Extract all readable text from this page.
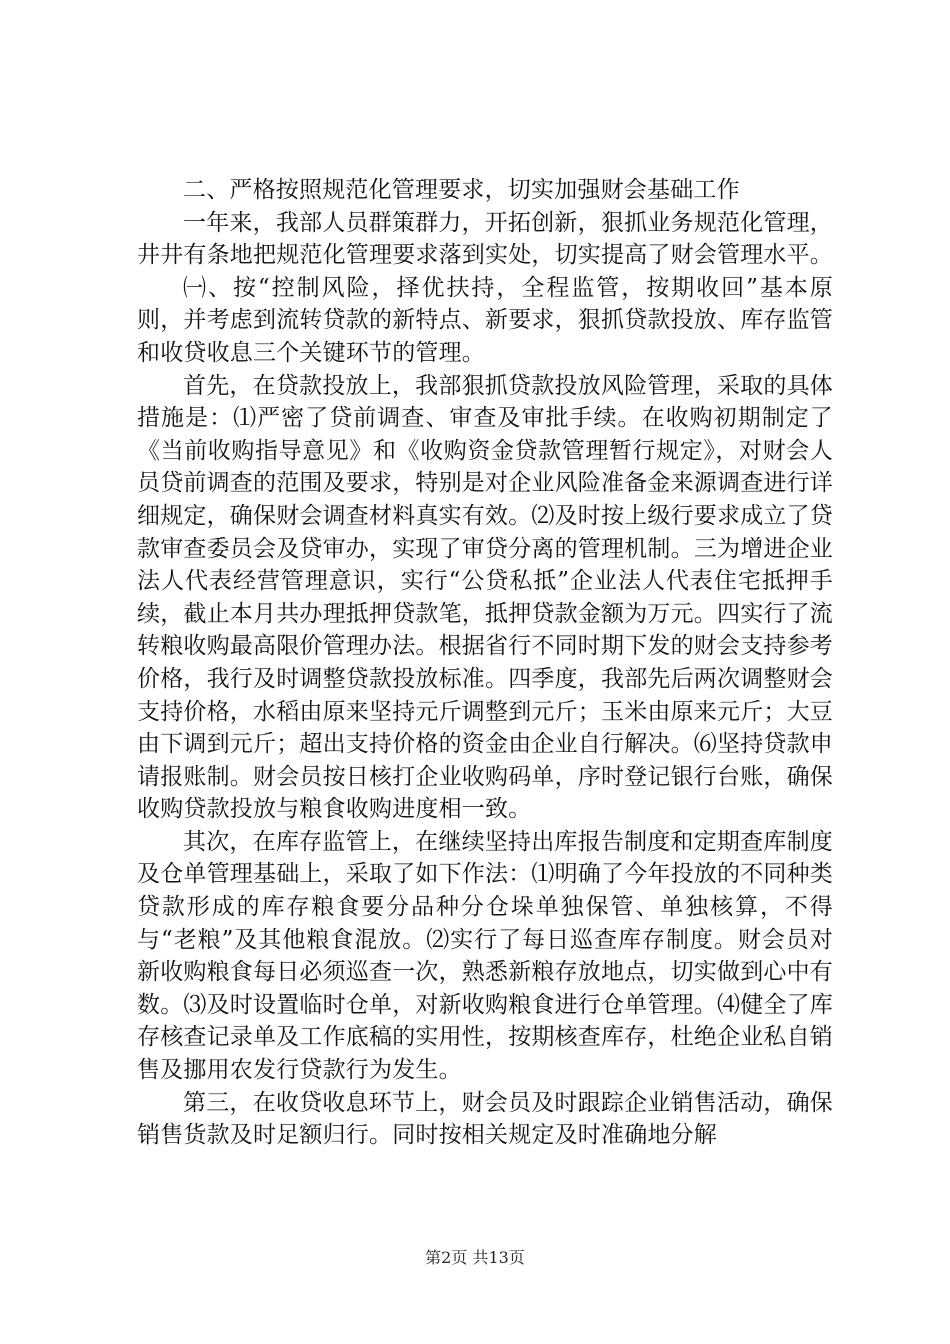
二、严格按照规范化管理要求，切实加强财会基础工作

一年来，我部人员群策群力，开拓创新，狠抓业务规范化管理，井井有条地把规范化管理要求落到实处，切实提高了财会管理水平。

㈠、按“控制风险，择优扶持，全程监管，按期收回”基本原则，并考虑到流转贷款的新特点、新要求，狠抓贷款投放、库存监管和收贷收息三个关键环节的管理。

首先，在贷款投放上，我部狠抓贷款投放风险管理，采取的具体措施是：⑴严密了贷前调查、审查及审批手续。在收购初期制定了《当前收购指导意见》和《收购资金贷款管理暂行规定》，对财会人员贷前调查的范围及要求，特别是对企业风险准备金来源调查进行详细规定，确保财会调查材料真实有效。⑵及时按上级行要求成立了贷款审查委员会及贷审办，实现了审贷分离的管理机制。三为增进企业法人代表经营管理意识，实行“公贷私抵”企业法人代表住宅抵押手续，截止本月共办理抵押贷款笔，抵押贷款金额为万元。四实行了流转粮收购最高限价管理办法。根据省行不同时期下发的财会支持参考价格，我行及时调整贷款投放标准。四季度，我部先后两次调整财会支持价格，水稻由原来坚持元斤调整到元斤；玉米由原来元斤；大豆由下调到元斤；超出支持价格的资金由企业自行解决。⑹坚持贷款申请报账制。财会员按日核打企业收购码单，序时登记银行台账，确保收购贷款投放与粮食收购进度相一致。

其次，在库存监管上，在继续坚持出库报告制度和定期查库制度及仓单管理基础上，采取了如下作法：⑴明确了今年投放的不同种类贷款形成的库存粮食要分品种分仓垛单独保管、单独核算，不得与“老粮”及其他粮食混放。⑵实行了每日巡查库存制度。财会员对新收购粮食每日必须巡查一次，熟悉新粮存放地点，切实做到心中有数。⑶及时设置临时仓单，对新收购粮食进行仓单管理。⑷健全了库存核查记录单及工作底稿的实用性，按期核查库存，杜绝企业私自销售及挪用农发行贷款行为发生。

第三，在收贷收息环节上，财会员及时跟踪企业销售活动，确保销售货款及时足额归行。同时按相关规定及时准确地分解

第2页 共13页
